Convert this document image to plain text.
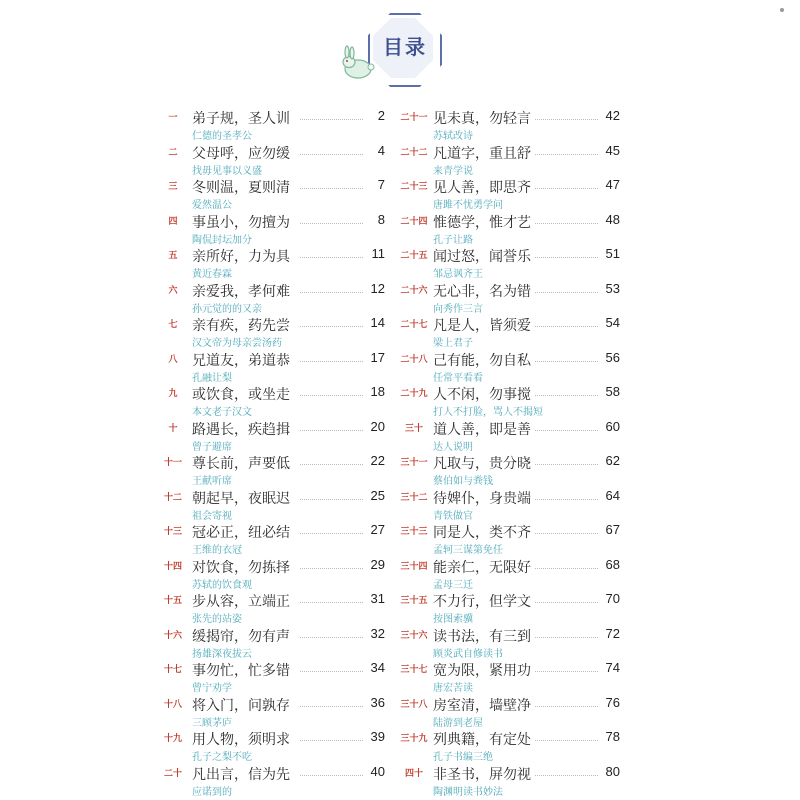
目录
一	弟子规，圣人训	2
仁德的圣孝公
二	父母呼，应勿缓	4
找毋见事以义盛
三	冬则温，夏则清	7
爱然温公
四	事虽小，勿擅为	8
陶侃封坛加分
五	亲所好，力为具	11
黄近春霖
六	亲爱我，孝何难	12
孙元觉的的又亲
七	亲有疾，药先尝	14
汉文帝为母亲尝汤药
八	兄道友，弟道恭	17
孔融让梨
九	或饮食，或坐走	18
本文老子汉文
十	路遇长，疾趋揖	20
曾子避席
十一 尊长前，声要低	22
王献听席
十二 朝起早，夜眠迟	25
祖会寄视
十三 冠必正，纽必结	27
王维的衣冠
十四 对饮食，勿拣择	29
苏轼的饮食观
十五 步从容，立端正	31
张先的站姿
十六 缓揭帘，勿有声	32
扬雄深夜拔云
十七 事勿忙，忙多错	34
曾宁劝学
十八 将入门，问孰存	36
三顾茅庐
十九 用人物，须明求	39
孔子之梨不吃
二十 凡出言，信为先	40
应诺到的
二十一 见未真，勿轻言	42
苏轼改诗
二十二 凡道字，重且舒	45
来青学说
二十三 见人善，即思齐	47
唐雎不忧勇学问
二十四 惟德学，惟才艺	48
孔子让路
二十五 闻过怒，闻誉乐	51
邹忌讽齐王
二十六 无心非，名为错	53
向秀作三言
二十七 凡是人，皆须爱	54
梁上君子
二十八 己有能，勿自私	56
任常平看看
二十九 人不闲，勿事搅	58
打人不打脸，骂人不揭短
三十 道人善，即是善	60
达人说明
三十一 凡取与，贵分晓	62
蔡伯如与粪钱
三十二 待婢仆，身贵端	64
青铁做官
三十三 同是人，类不齐	67
孟轲三谋第免任
三十四 能亲仁，无限好	68
孟母三迁
三十五 不力行，但学文	70
按图索骥
三十六 读书法，有三到	72
顾炎武自修读书
三十七 宽为限，紧用功	74
唐宏苦读
三十八 房室清，墙壁净	76
陆游到老屋
三十九 列典籍，有定处	78
孔子书编三绝
四十 非圣书，屏勿视	80
陶渊明读书妙法
